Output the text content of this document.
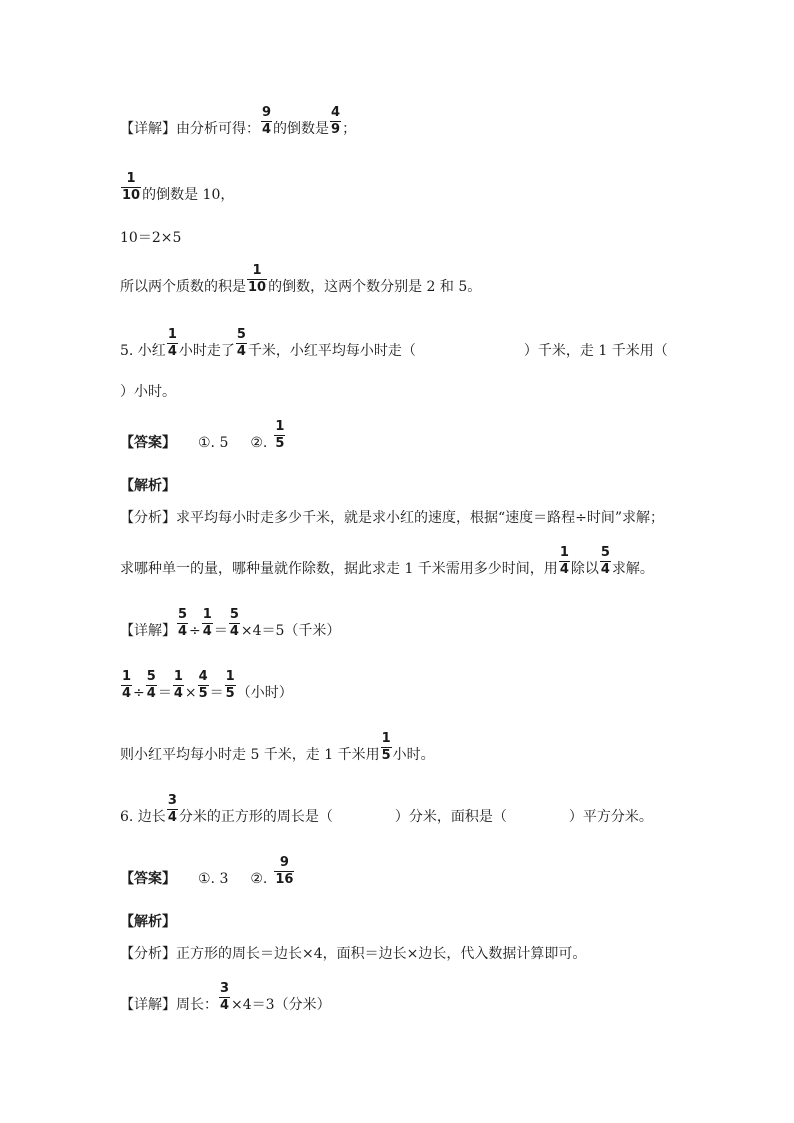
【详解】由分析可得： $\frac{9}{4}$ 的倒数是 $\frac{4}{9}$ ；
$\frac{1}{10}$ 的倒数是 10，
10＝2×5
所以两个质数的积是 $\frac{1}{10}$ 的倒数，这两个数分别是 2 和 5。
5. 小红 $\frac{1}{4}$ 小时走了 $\frac{5}{4}$ 千米，小红平均每小时走（	）千米，走 1 千米用（
）小时。
【答案】 ①. 5 ②. $\frac{1}{5}$
【解析】
【分析】求平均每小时走多少千米，就是求小红的速度，根据“速度＝路程÷时间”求解；
求哪种单一的量，哪种量就作除数，据此求走 1 千米需用多少时间，用 $\frac{1}{4}$ 除以 $\frac{5}{4}$ 求解。
【详解】 $\frac{5}{4} \div \frac{1}{4} = \frac{5}{4} \times 4=5$（千米）
$\frac{1}{4} \div \frac{5}{4} = \frac{1}{4} \times \frac{4}{5} = \frac{1}{5}$ （小时）
则小红平均每小时走 5 千米，走 1 千米用 $\frac{1}{5}$ 小时。
6. 边长 $\frac{3}{4}$ 分米的正方形的周长是（	）分米，面积是（	）平方分米。
【答案】 ①. 3 ②. $\frac{9}{16}$
【解析】
【分析】正方形的周长＝边长×4，面积＝边长×边长，代入数据计算即可。
【详解】周长： $\frac{3}{4} \times 4=3$（分米）
